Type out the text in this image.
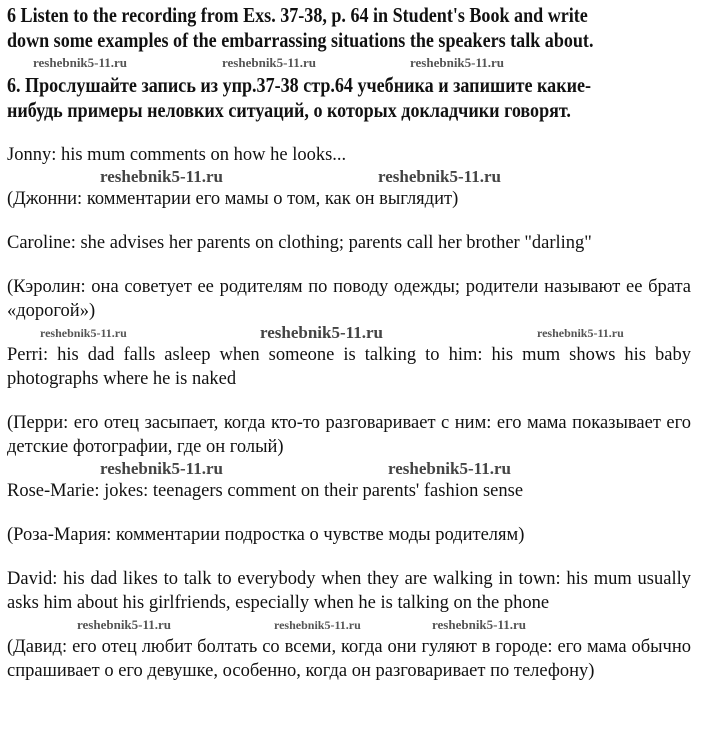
6 Listen to the recording from Exs. 37-38, p. 64 in Student's Book and write
down some examples of the embarrassing situations the speakers talk about.
reshebnik5-11.ru	reshebnik5-11.ru	reshebnik5-11.ru
6. Прослушайте запись из упр.37-38 стр.64 учебника и запишите какие-
нибудь примеры неловких ситуаций, о которых докладчики говорят.

Jonny: his mum comments on how he looks...

reshebnik5-11.ru	reshebnik5-11.ru

(Джонни: комментарии его мамы о том, как он выглядит)

Caroline: she advises her parents on clothing; parents call her brother "darling"

(Кэролин: она советует ее родителям по поводу одежды; родители называют ее брата «дорогой»)

reshebnik5-11.ru	reshebnik5-11.ru	reshebnik5-11.ru

Perri: his dad falls asleep when someone is talking to him: his mum shows his baby photographs where he is naked

(Перри: его отец засыпает, когда кто-то разговаривает с ним: его мама показывает его детские фотографии, где он голый)

reshebnik5-11.ru	reshebnik5-11.ru

Rose-Marie: jokes: teenagers comment on their parents' fashion sense

(Роза-Мария: комментарии подростка о чувстве моды родителям)

David: his dad likes to talk to everybody when they are walking in town: his mum usually asks him about his girlfriends, especially when he is talking on the phone

reshebnik5-11.ru	reshebnik5-11.ru	reshebnik5-11.ru

(Давид: его отец любит болтать со всеми, когда они гуляют в городе: его мама обычно спрашивает о его девушке, особенно, когда он разговаривает по телефону)
